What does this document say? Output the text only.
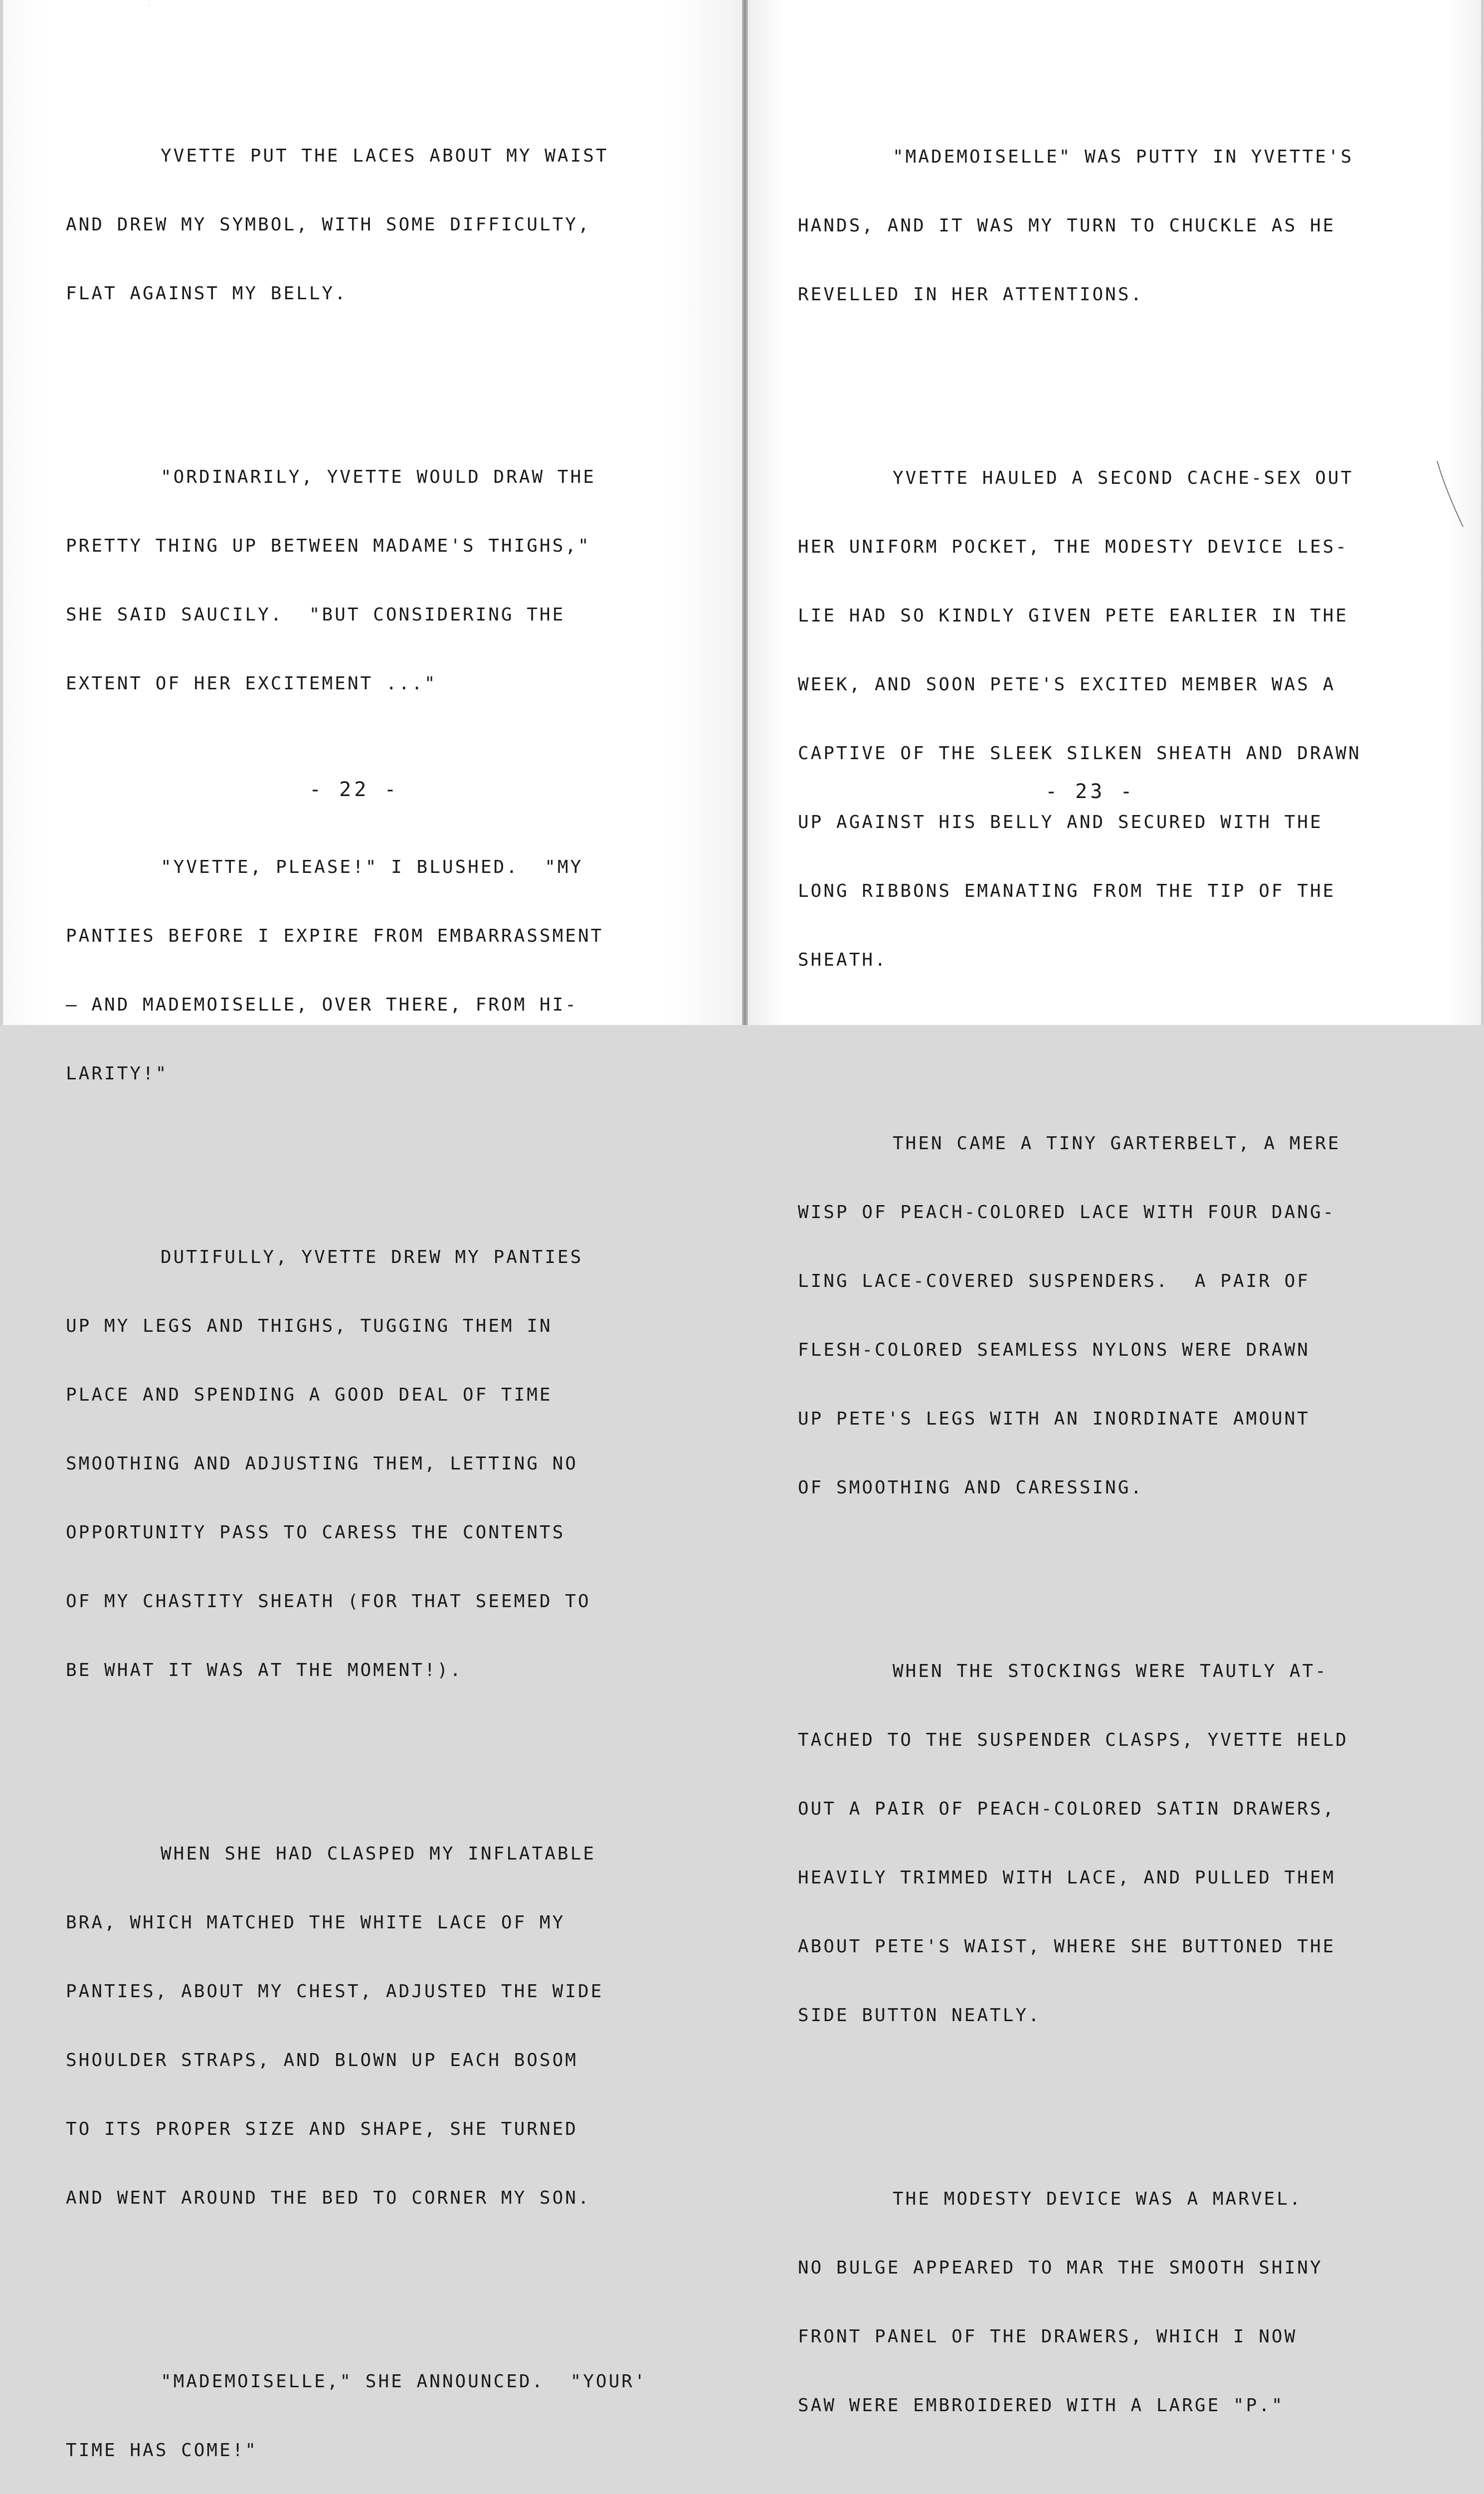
YVETTE PUT THE LACES ABOUT MY WAIST

AND DREW MY SYMBOL, WITH SOME DIFFICULTY,

FLAT AGAINST MY BELLY.

"ORDINARILY, YVETTE WOULD DRAW THE

PRETTY THING UP BETWEEN MADAME'S THIGHS,"

SHE SAID SAUCILY.  "BUT CONSIDERING THE

EXTENT OF HER EXCITEMENT ..."

"YVETTE, PLEASE!" I BLUSHED.  "MY

PANTIES BEFORE I EXPIRE FROM EMBARRASSMENT

— AND MADEMOISELLE, OVER THERE, FROM HI-

LARITY!"

DUTIFULLY, YVETTE DREW MY PANTIES

UP MY LEGS AND THIGHS, TUGGING THEM IN

PLACE AND SPENDING A GOOD DEAL OF TIME

SMOOTHING AND ADJUSTING THEM, LETTING NO

OPPORTUNITY PASS TO CARESS THE CONTENTS

OF MY CHASTITY SHEATH (FOR THAT SEEMED TO

BE WHAT IT WAS AT THE MOMENT!).

WHEN SHE HAD CLASPED MY INFLATABLE

BRA, WHICH MATCHED THE WHITE LACE OF MY

PANTIES, ABOUT MY CHEST, ADJUSTED THE WIDE

SHOULDER STRAPS, AND BLOWN UP EACH BOSOM

TO ITS PROPER SIZE AND SHAPE, SHE TURNED

AND WENT AROUND THE BED TO CORNER MY SON.

"MADEMOISELLE," SHE ANNOUNCED.  "YOUR'

TIME HAS COME!"

- 22 -
·

"MADEMOISELLE" WAS PUTTY IN YVETTE'S

HANDS, AND IT WAS MY TURN TO CHUCKLE AS HE

REVELLED IN HER ATTENTIONS.

YVETTE HAULED A SECOND CACHE-SEX OUT

HER UNIFORM POCKET, THE MODESTY DEVICE LES-

LIE HAD SO KINDLY GIVEN PETE EARLIER IN THE

WEEK, AND SOON PETE'S EXCITED MEMBER WAS A

CAPTIVE OF THE SLEEK SILKEN SHEATH AND DRAWN

UP AGAINST HIS BELLY AND SECURED WITH THE

LONG RIBBONS EMANATING FROM THE TIP OF THE

SHEATH.

THEN CAME A TINY GARTERBELT, A MERE

WISP OF PEACH-COLORED LACE WITH FOUR DANG-

LING LACE-COVERED SUSPENDERS.  A PAIR OF

FLESH-COLORED SEAMLESS NYLONS WERE DRAWN

UP PETE'S LEGS WITH AN INORDINATE AMOUNT

OF SMOOTHING AND CARESSING.

WHEN THE STOCKINGS WERE TAUTLY AT-

TACHED TO THE SUSPENDER CLASPS, YVETTE HELD

OUT A PAIR OF PEACH-COLORED SATIN DRAWERS,

HEAVILY TRIMMED WITH LACE, AND PULLED THEM

ABOUT PETE'S WAIST, WHERE SHE BUTTONED THE

SIDE BUTTON NEATLY.

THE MODESTY DEVICE WAS A MARVEL.

NO BULGE APPEARED TO MAR THE SMOOTH SHINY

FRONT PANEL OF THE DRAWERS, WHICH I NOW

SAW WERE EMBROIDERED WITH A LARGE "P."

- 23 -
